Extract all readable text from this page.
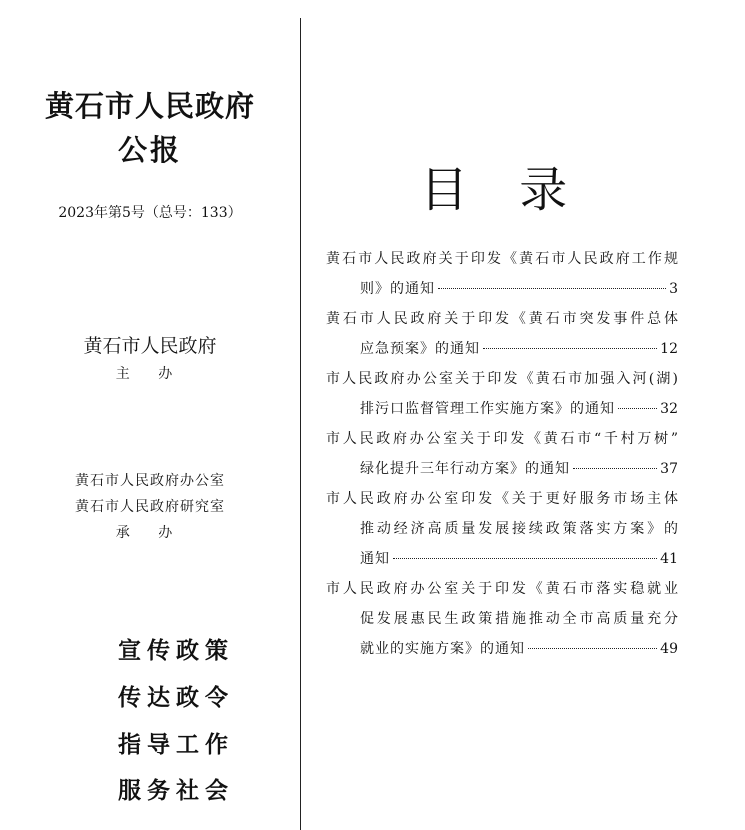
黄石市人民政府
公报
2023年第5号（总号：133）
黄石市人民政府
主 办
黄石市人民政府办公室
黄石市人民政府研究室
承 办
宣传政策
传达政令
指导工作
服务社会
目 录
黄石市人民政府关于印发《黄石市人民政府工作规
则》的通知	3
黄石市人民政府关于印发《黄石市突发事件总体
应急预案》的通知	12
市人民政府办公室关于印发《黄石市加强入河(湖)
排污口监督管理工作实施方案》的通知	32
市人民政府办公室关于印发《黄石市“千村万树”
绿化提升三年行动方案》的通知	37
市人民政府办公室印发《关于更好服务市场主体
推动经济高质量发展接续政策落实方案》的
通知	41
市人民政府办公室关于印发《黄石市落实稳就业
促发展惠民生政策措施推动全市高质量充分
就业的实施方案》的通知	49
